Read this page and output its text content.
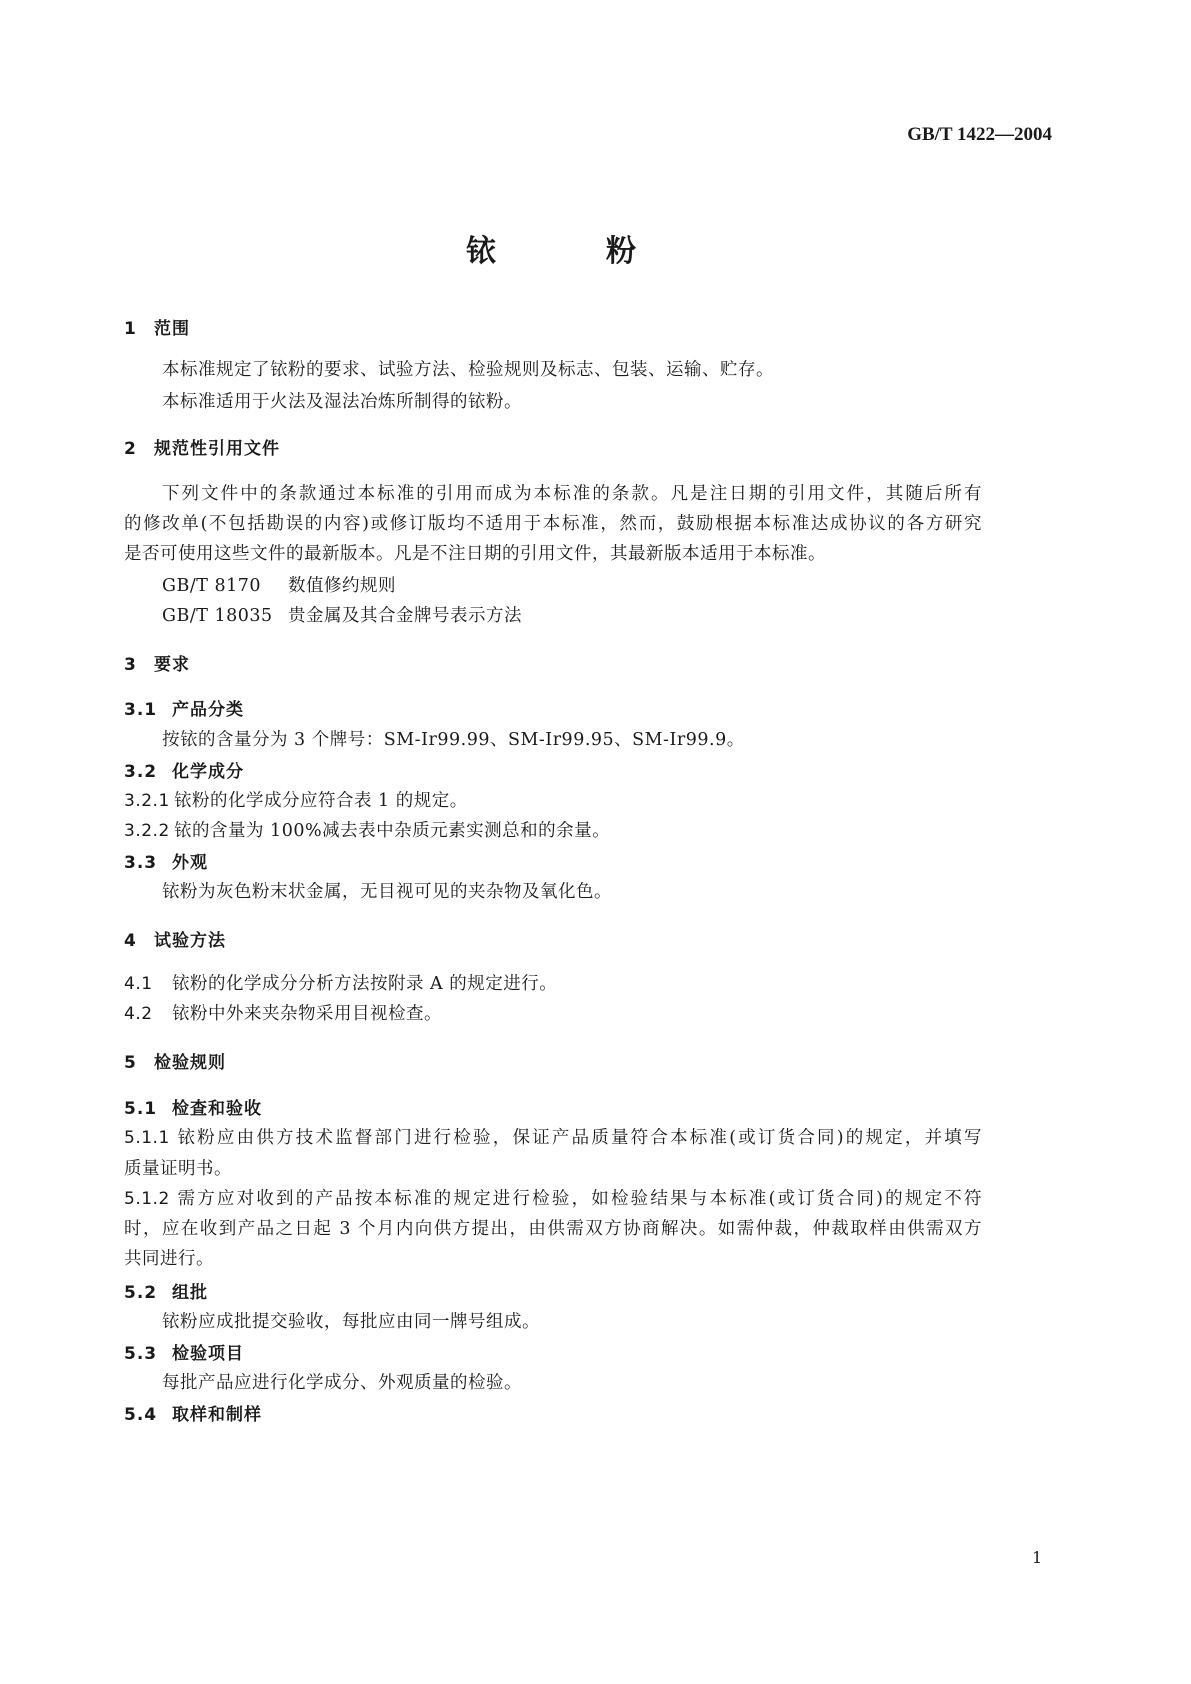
GB/T 1422—2004
铱	粉
1 范围
本标准规定了铱粉的要求、试验方法、检验规则及标志、包装、运输、贮存。
本标准适用于火法及湿法冶炼所制得的铱粉。
2 规范性引用文件
下列文件中的条款通过本标准的引用而成为本标准的条款。凡是注日期的引用文件，其随后所有
的修改单(不包括勘误的内容)或修订版均不适用于本标准，然而，鼓励根据本标准达成协议的各方研究
是否可使用这些文件的最新版本。凡是不注日期的引用文件，其最新版本适用于本标准。
GB/T 8170 数值修约规则
GB/T 18035 贵金属及其合金牌号表示方法
3 要求
3.1 产品分类
按铱的含量分为 3 个牌号：SM-Ir99.99、SM-Ir99.95、SM-Ir99.9。
3.2 化学成分
3.2.1 铱粉的化学成分应符合表 1 的规定。
3.2.2 铱的含量为 100%减去表中杂质元素实测总和的余量。
3.3 外观
铱粉为灰色粉末状金属，无目视可见的夹杂物及氧化色。
4 试验方法
4.1 铱粉的化学成分分析方法按附录 A 的规定进行。
4.2 铱粉中外来夹杂物采用目视检查。
5 检验规则
5.1 检查和验收
5.1.1 铱粉应由供方技术监督部门进行检验，保证产品质量符合本标准(或订货合同)的规定，并填写
质量证明书。
5.1.2 需方应对收到的产品按本标准的规定进行检验，如检验结果与本标准(或订货合同)的规定不符
时，应在收到产品之日起 3 个月内向供方提出，由供需双方协商解决。如需仲裁，仲裁取样由供需双方
共同进行。
5.2 组批
铱粉应成批提交验收，每批应由同一牌号组成。
5.3 检验项目
每批产品应进行化学成分、外观质量的检验。
5.4 取样和制样
1
